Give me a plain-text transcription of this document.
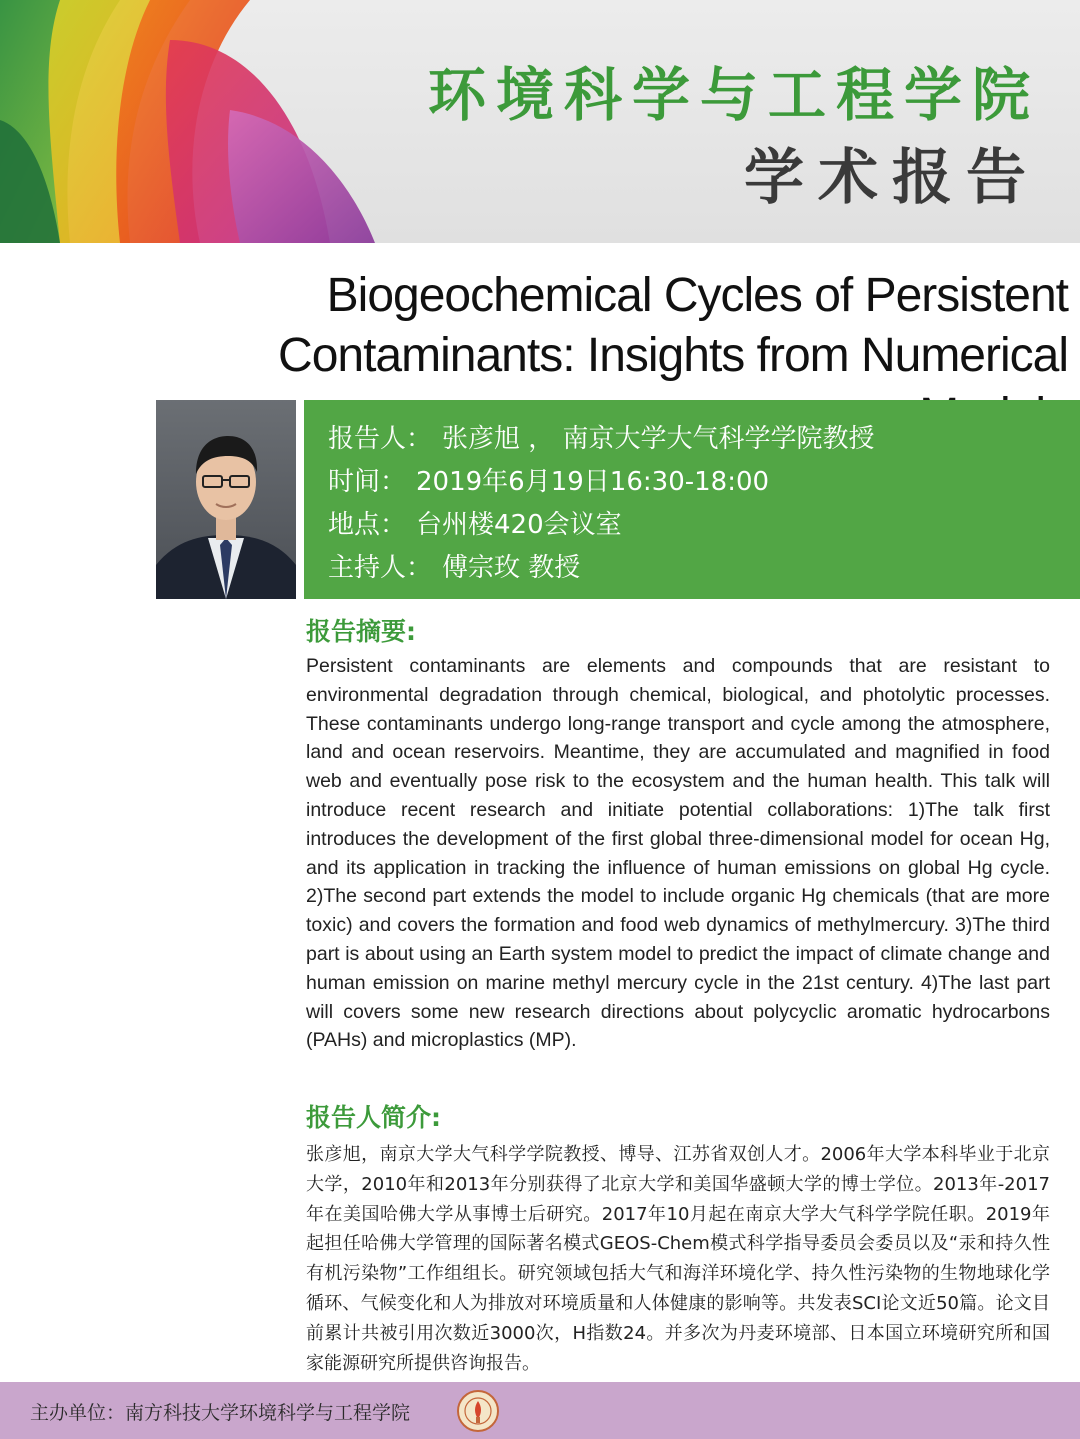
环境科学与工程学院
学术报告
Biogeochemical Cycles of Persistent
Contaminants: Insights from Numerical
报告人： 张彦旭 ， 南京大学大气科学学院教授
时间： 2019年6月19日16:30-18:00
地点： 台州楼420会议室
主持人： 傅宗玫 教授
报告摘要:
Persistent contaminants are elements and compounds that are resistant to environmental degradation through chemical, biological, and photolytic processes. These contaminants undergo long-range transport and cycle among the atmosphere, land and ocean reservoirs. Meantime, they are accumulated and magnified in food web and eventually pose risk to the ecosystem and the human health. This talk will introduce recent research and initiate potential collaborations: 1)The talk first introduces the development of the first global three-dimensional model for ocean Hg, and its application in tracking the influence of human emissions on global Hg cycle. 2)The second part extends the model to include organic Hg chemicals (that are more toxic) and covers the formation and food web dynamics of methylmercury. 3)The third part is about using an Earth system model to predict the impact of climate change and human emission on marine methyl mercury cycle in the 21st century. 4)The last part will covers some new research directions about polycyclic aromatic hydrocarbons (PAHs) and microplastics (MP).
报告人简介:
张彦旭，南京大学大气科学学院教授、博导、江苏省双创人才。2006年大学本科毕业于北京大学，2010年和2013年分别获得了北京大学和美国华盛顿大学的博士学位。2013年-2017年在美国哈佛大学从事博士后研究。2017年10月起在南京大学大气科学学院任职。2019年起担任哈佛大学管理的国际著名模式GEOS-Chem模式科学指导委员会委员以及“汞和持久性有机污染物”工作组组长。研究领域包括大气和海洋环境化学、持久性污染物的生物地球化学循环、气候变化和人为排放对环境质量和人体健康的影响等。共发表SCI论文近50篇。论文目前累计共被引用次数近3000次，H指数24。并多次为丹麦环境部、日本国立环境研究所和国家能源研究所提供咨询报告。
主办单位：南方科技大学环境科学与工程学院
